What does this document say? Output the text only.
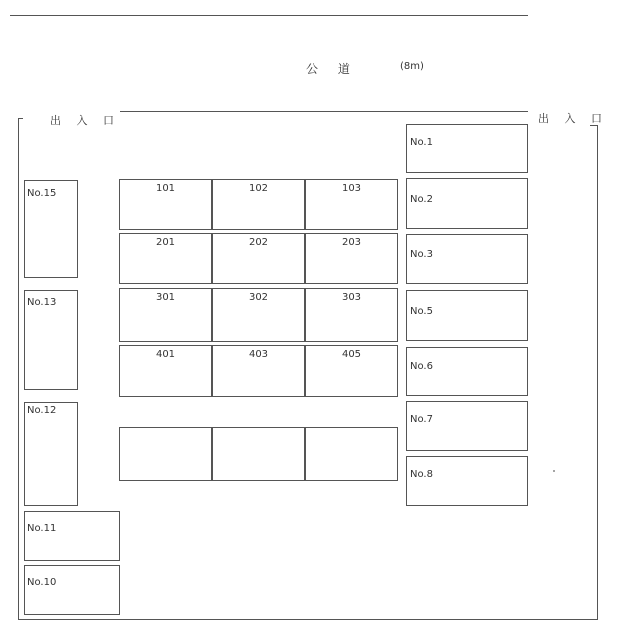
公 道	(8m)
出 入 口	出 入 口
No.1
No.2
No.3
No.5
No.6
No.7
No.8
No.15
No.13
No.12
No.11
No.10
101	102	103
201	202	203
301	302	303
401	403	405
